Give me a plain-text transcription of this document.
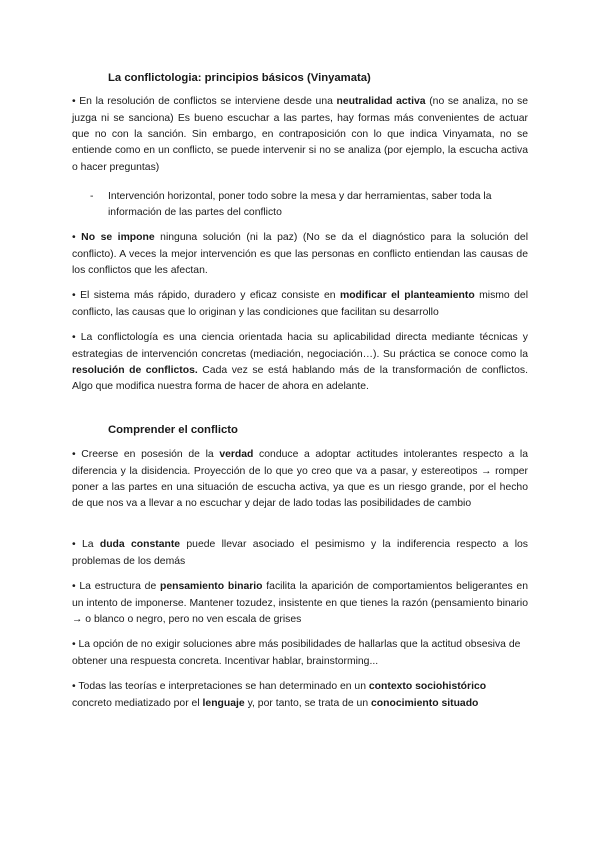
La conflictologia: principios básicos (Vinyamata)

• En la resolución de conflictos se interviene desde una neutralidad activa (no se analiza, no se juzga ni se sanciona) Es bueno escuchar a las partes, hay formas más convenientes de actuar que no con la sanción. Sin embargo, en contraposición con lo que indica Vinyamata, no se entiende como en un conflicto, se puede intervenir si no se analiza (por ejemplo, la escucha activa o hacer preguntas)

- Intervención horizontal, poner todo sobre la mesa y dar herramientas, saber toda la información de las partes del conflicto

• No se impone ninguna solución (ni la paz) (No se da el diagnóstico para la solución del conflicto). A veces la mejor intervención es que las personas en conflicto entiendan las causas de los conflictos que les afectan.

• El sistema más rápido, duradero y eficaz consiste en modificar el planteamiento mismo del conflicto, las causas que lo originan y las condiciones que facilitan su desarrollo

• La conflictología es una ciencia orientada hacia su aplicabilidad directa mediante técnicas y estrategias de intervención concretas (mediación, negociación…). Su práctica se conoce como la resolución de conflictos. Cada vez se está hablando más de la transformación de conflictos. Algo que modifica nuestra forma de hacer de ahora en adelante.

Comprender el conflicto

• Creerse en posesión de la verdad conduce a adoptar actitudes intolerantes respecto a la diferencia y la disidencia. Proyección de lo que yo creo que va a pasar, y estereotipos → romper poner a las partes en una situación de escucha activa, ya que es un riesgo grande, por el hecho de que nos va a llevar a no escuchar y dejar de lado todas las posibilidades de cambio

• La duda constante puede llevar asociado el pesimismo y la indiferencia respecto a los problemas de los demás

• La estructura de pensamiento binario facilita la aparición de comportamientos beligerantes en un intento de imponerse. Mantener tozudez, insistente en que tienes la razón (pensamiento binario → o blanco o negro, pero no ven escala de grises

• La opción de no exigir soluciones abre más posibilidades de hallarlas que la actitud obsesiva de obtener una respuesta concreta. Incentivar hablar, brainstorming...

• Todas las teorías e interpretaciones se han determinado en un contexto sociohistórico concreto mediatizado por el lenguaje y, por tanto, se trata de un conocimiento situado
